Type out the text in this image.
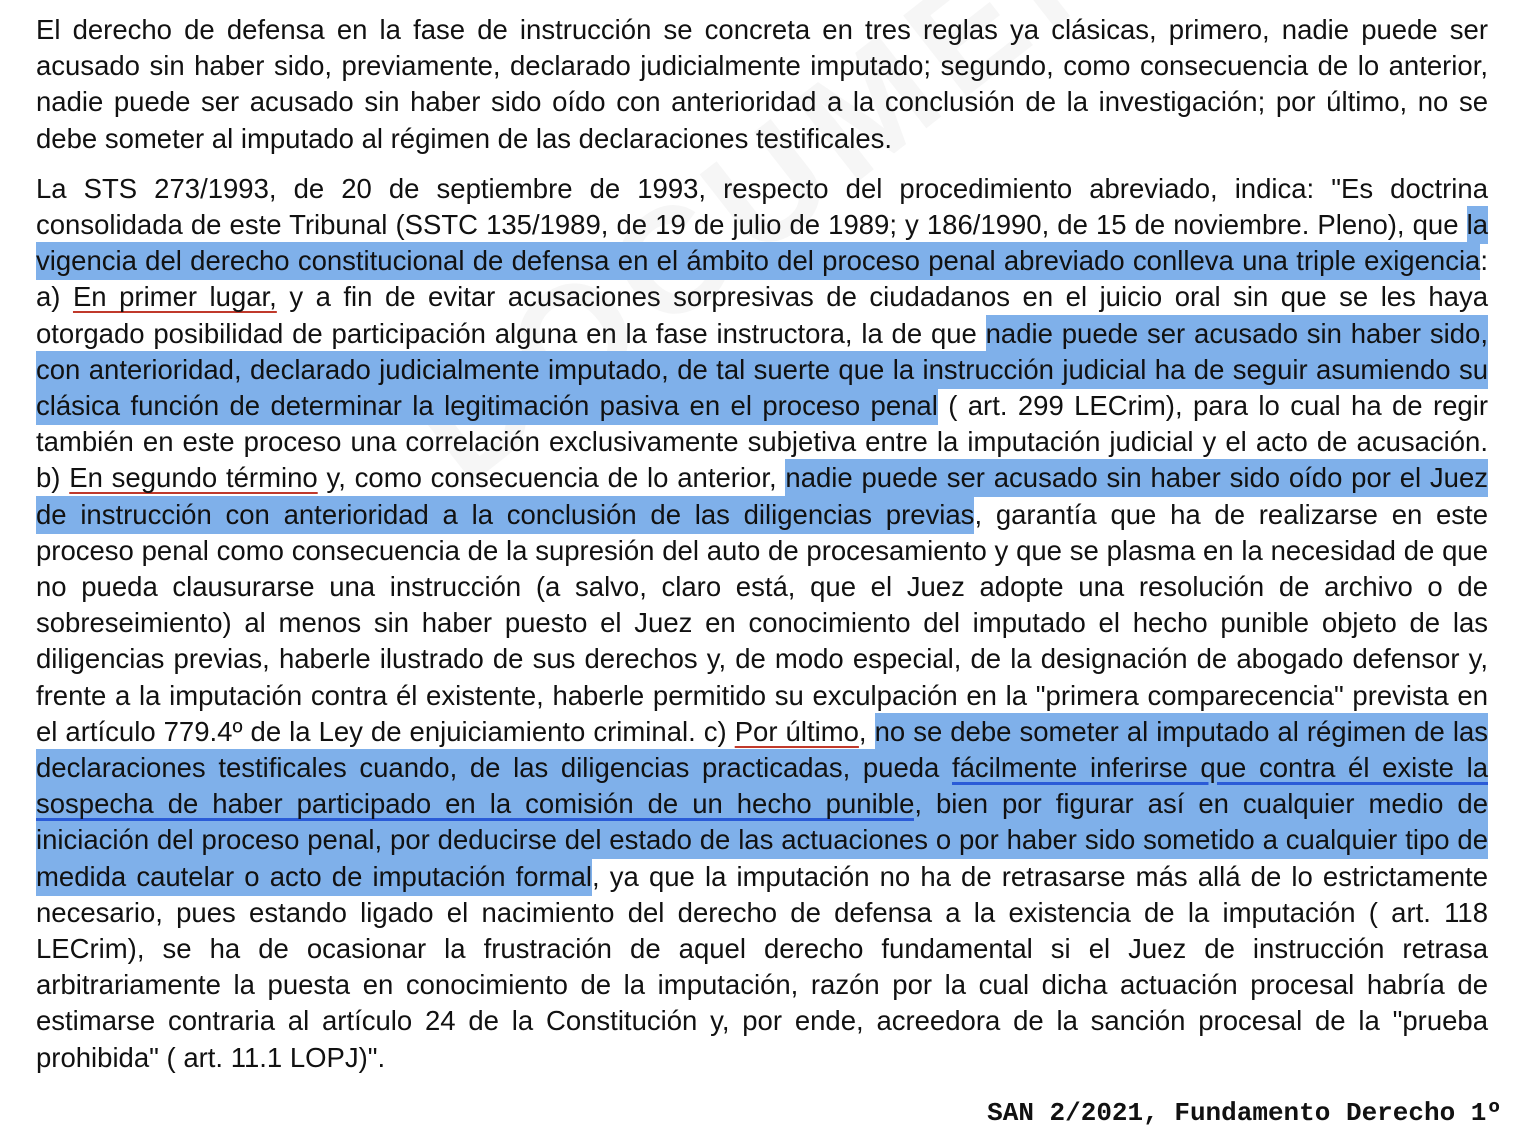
El derecho de defensa en la fase de instrucción se concreta en tres reglas ya clásicas, primero, nadie puede ser acusado sin haber sido, previamente, declarado judicialmente imputado; segundo, como consecuencia de lo anterior, nadie puede ser acusado sin haber sido oído con anterioridad a la conclusión de la investigación; por último, no se debe someter al imputado al régimen de las declaraciones testificales.

La STS 273/1993, de 20 de septiembre de 1993, respecto del procedimiento abreviado, indica: "Es doctrina consolidada de este Tribunal (SSTC 135/1989, de 19 de julio de 1989; y 186/1990, de 15 de noviembre. Pleno), que la vigencia del derecho constitucional de defensa en el ámbito del proceso penal abreviado conlleva una triple exigencia: a) En primer lugar, y a fin de evitar acusaciones sorpresivas de ciudadanos en el juicio oral sin que se les haya otorgado posibilidad de participación alguna en la fase instructora, la de que nadie puede ser acusado sin haber sido, con anterioridad, declarado judicialmente imputado, de tal suerte que la instrucción judicial ha de seguir asumiendo su clásica función de determinar la legitimación pasiva en el proceso penal ( art. 299 LECrim), para lo cual ha de regir también en este proceso una correlación exclusivamente subjetiva entre la imputación judicial y el acto de acusación. b) En segundo término y, como consecuencia de lo anterior, nadie puede ser acusado sin haber sido oído por el Juez de instrucción con anterioridad a la conclusión de las diligencias previas, garantía que ha de realizarse en este proceso penal como consecuencia de la supresión del auto de procesamiento y que se plasma en la necesidad de que no pueda clausurarse una instrucción (a salvo, claro está, que el Juez adopte una resolución de archivo o de sobreseimiento) al menos sin haber puesto el Juez en conocimiento del imputado el hecho punible objeto de las diligencias previas, haberle ilustrado de sus derechos y, de modo especial, de la designación de abogado defensor y, frente a la imputación contra él existente, haberle permitido su exculpación en la "primera comparecencia" prevista en el artículo 779.4º de la Ley de enjuiciamiento criminal. c) Por último, no se debe someter al imputado al régimen de las declaraciones testificales cuando, de las diligencias practicadas, pueda fácilmente inferirse que contra él existe la sospecha de haber participado en la comisión de un hecho punible, bien por figurar así en cualquier medio de iniciación del proceso penal, por deducirse del estado de las actuaciones o por haber sido sometido a cualquier tipo de medida cautelar o acto de imputación formal, ya que la imputación no ha de retrasarse más allá de lo estrictamente necesario, pues estando ligado el nacimiento del derecho de defensa a la existencia de la imputación ( art. 118 LECrim), se ha de ocasionar la frustración de aquel derecho fundamental si el Juez de instrucción retrasa arbitrariamente la puesta en conocimiento de la imputación, razón por la cual dicha actuación procesal habría de estimarse contraria al artículo 24 de la Constitución y, por ende, acreedora de la sanción procesal de la "prueba prohibida" ( art. 11.1 LOPJ)".

SAN 2/2021, Fundamento Derecho 1º
